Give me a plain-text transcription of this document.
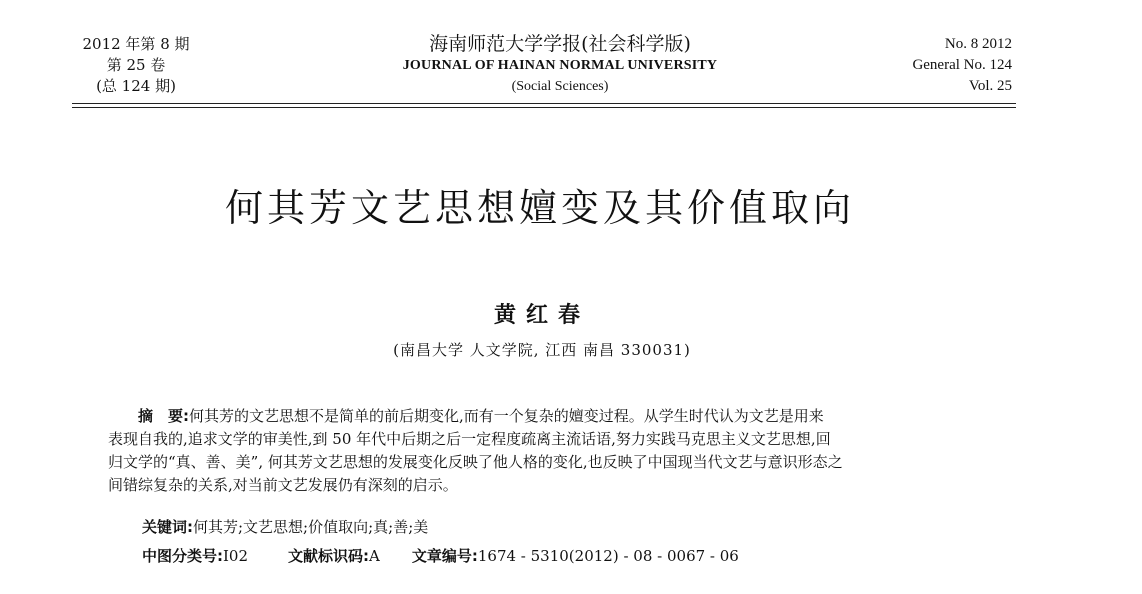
2012 年第 8 期
第 25 卷
(总 124 期)
海南师范大学学报(社会科学版)
JOURNAL OF HAINAN NORMAL UNIVERSITY
(Social Sciences)
No. 8 2012
General No. 124
Vol. 25
何其芳文艺思想嬗变及其价值取向
黄红春
(南昌大学 人文学院, 江西 南昌 330031)
摘　要:何其芳的文艺思想不是简单的前后期变化,而有一个复杂的嬗变过程。从学生时代认为文艺是用来
表现自我的,追求文学的审美性,到 50 年代中后期之后一定程度疏离主流话语,努力实践马克思主义文艺思想,回
归文学的“真、善、美”, 何其芳文艺思想的发展变化反映了他人格的变化,也反映了中国现当代文艺与意识形态之
间错综复杂的关系,对当前文艺发展仍有深刻的启示。
关键词:何其芳;文艺思想;价值取向;真;善;美
中图分类号:I02	文献标识码:A 文章编号:1674 - 5310(2012) - 08 - 0067 - 06
